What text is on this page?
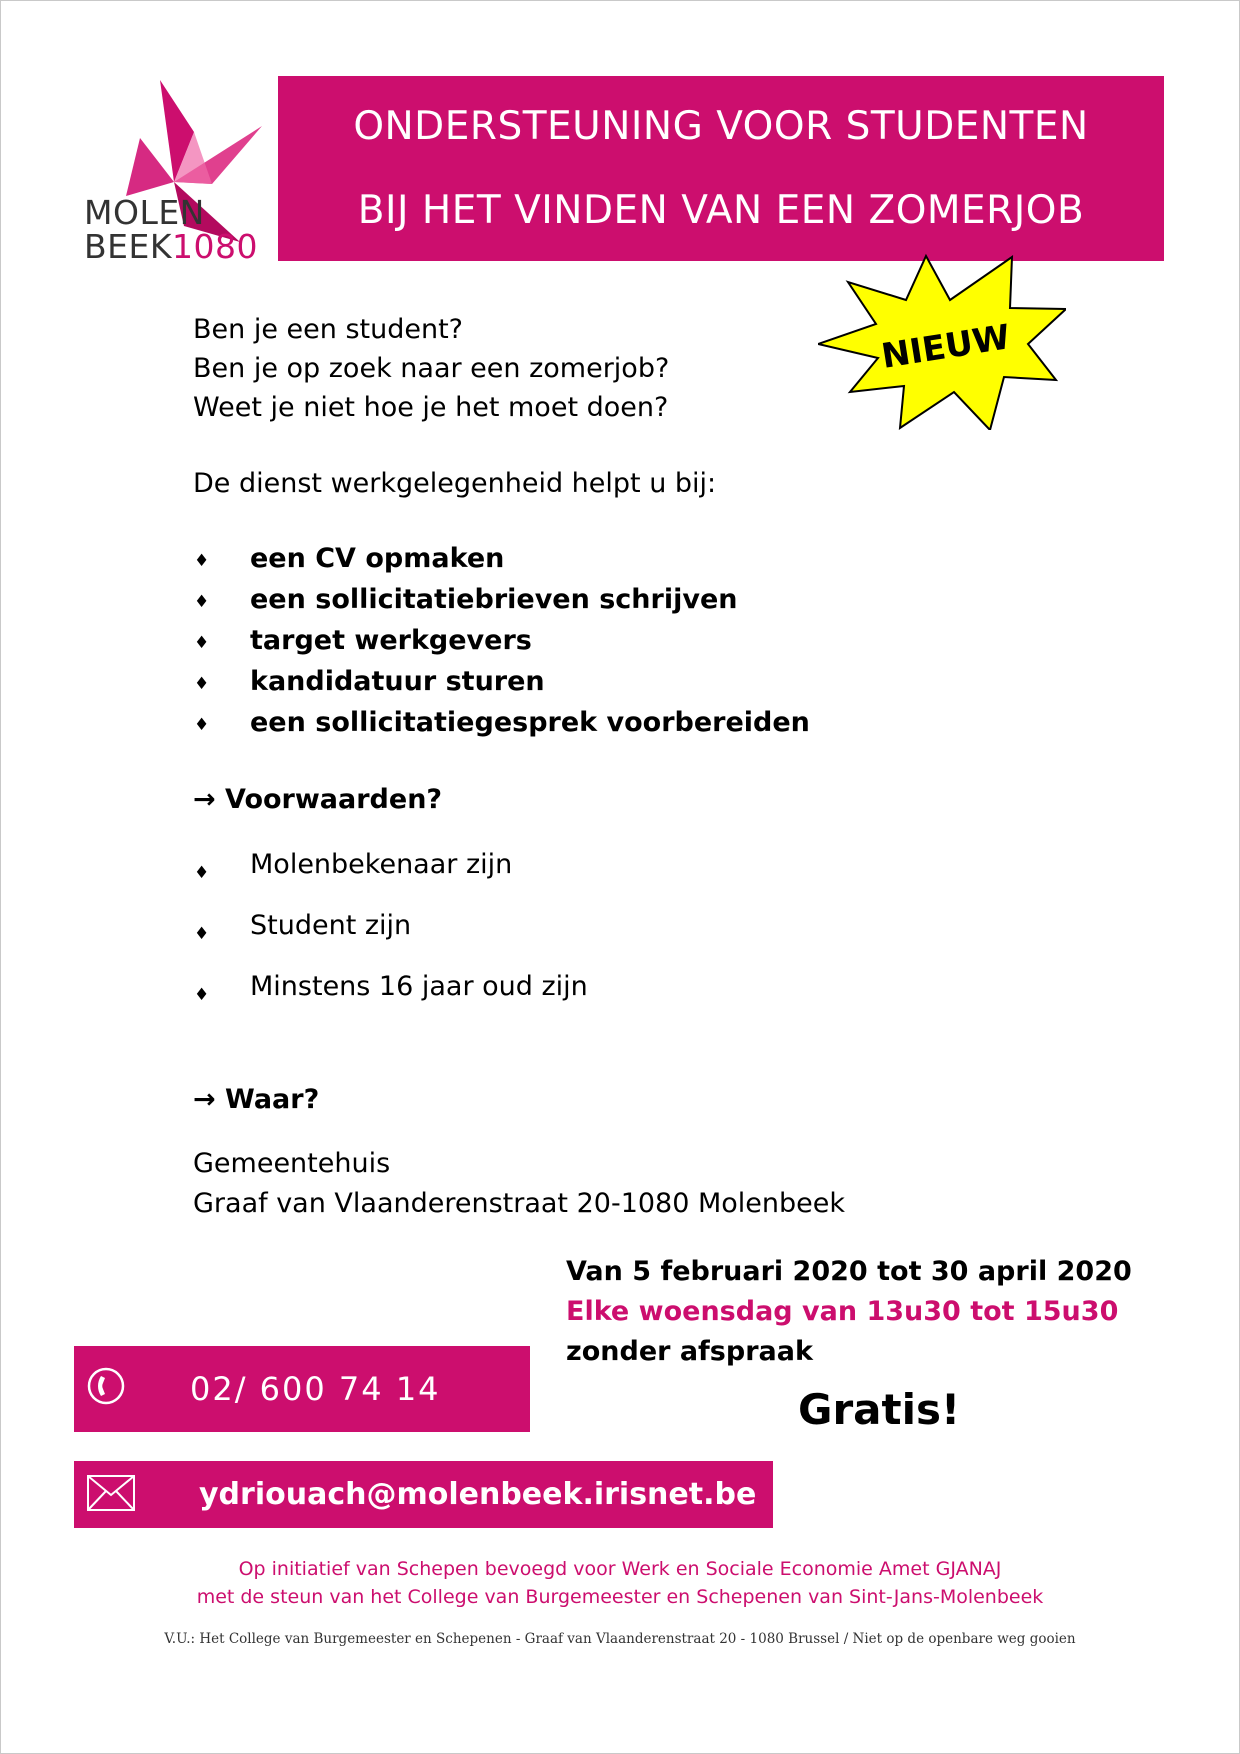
MOLEN
BEEK1080
ONDERSTEUNING VOOR STUDENTEN
BIJ HET VINDEN VAN EEN ZOMERJOB
NIEUW
Ben je een student?
Ben je op zoek naar een zomerjob?
Weet je niet hoe je het moet doen?
De dienst werkgelegenheid helpt u bij:
♦ een CV opmaken
♦ een sollicitatiebrieven schrijven
♦ target werkgevers
♦ kandidatuur sturen
♦ een sollicitatiegesprek voorbereiden
→ Voorwaarden?
♦ Molenbekenaar zijn
♦ Student zijn
♦ Minstens 16 jaar oud zijn
→ Waar?
Gemeentehuis
Graaf van Vlaanderenstraat 20-1080 Molenbeek
Van 5 februari 2020 tot 30 april 2020
Elke woensdag van 13u30 tot 15u30
zonder afspraak
Gratis!
02/ 600 74 14
ydriouach@molenbeek.irisnet.be
Op initiatief van Schepen bevoegd voor Werk en Sociale Economie Amet GJANAJ
met de steun van het College van Burgemeester en Schepenen van Sint-Jans-Molenbeek
V.U.: Het College van Burgemeester en Schepenen - Graaf van Vlaanderenstraat 20 - 1080 Brussel / Niet op de openbare weg gooien
